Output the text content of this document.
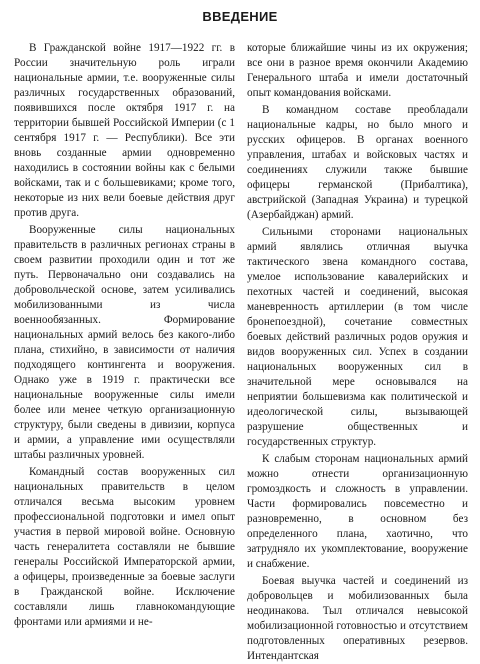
ВВЕДЕНИЕ

В Гражданской войне 1917—1922 гг. в России значительную роль играли национальные армии, т.е. вооруженные силы различных государственных образований, появившихся после октября 1917 г. на территории бывшей Российской Империи (с 1 сентября 1917 г. — Республики). Все эти вновь созданные армии одновременно находились в состоянии войны как с белыми войсками, так и с большевиками; кроме того, некоторые из них вели боевые действия друг против друга.

Вооруженные силы национальных правительств в различных регионах страны в своем развитии проходили один и тот же путь. Первоначально они создавались на добровольческой основе, затем усиливались мобилизованными из числа военнообязанных. Формирование национальных армий велось без какого-либо плана, стихийно, в зависимости от наличия подходящего контингента и вооружения. Однако уже в 1919 г. практически все национальные вооруженные силы имели более или менее четкую организационную структуру, были сведены в дивизии, корпуса и армии, а управление ими осуществляли штабы различных уровней.

Командный состав вооруженных сил национальных правительств в целом отличался весьма высоким уровнем профессиональной подготовки и имел опыт участия в первой мировой войне. Основную часть генералитета составляли не бывшие генералы Российской Императорской армии, а офицеры, произведенные за боевые заслуги в Гражданской войне. Исключение составляли лишь главнокомандующие фронтами или армиями и не-

которые ближайшие чины из их окружения; все они в разное время окончили Академию Генерального штаба и имели достаточный опыт командования войсками.

В командном составе преобладали национальные кадры, но было много и русских офицеров. В органах военного управления, штабах и войсковых частях и соединениях служили также бывшие офицеры германской (Прибалтика), австрийской (Западная Украина) и турецкой (Азербайджан) армий.

Сильными сторонами национальных армий являлись отличная выучка тактического звена командного состава, умелое использование кавалерийских и пехотных частей и соединений, высокая маневренность артиллерии (в том числе бронепоездной), сочетание совместных боевых действий различных родов оружия и видов вооруженных сил. Успех в создании национальных вооруженных сил в значительной мере основывался на неприятии большевизма как политической и идеологической силы, вызывающей разрушение общественных и государственных структур.

К слабым сторонам национальных армий можно отнести организационную громоздкость и сложность в управлении. Части формировались повсеместно и разновременно, в основном без определенного плана, хаотично, что затрудняло их укомплектование, вооружение и снабжение.

Боевая выучка частей и соединений из добровольцев и мобилизованных была неодинакова. Тыл отличался невысокой мобилизационной готовностью и отсутствием подготовленных оперативных резервов. Интендантская
